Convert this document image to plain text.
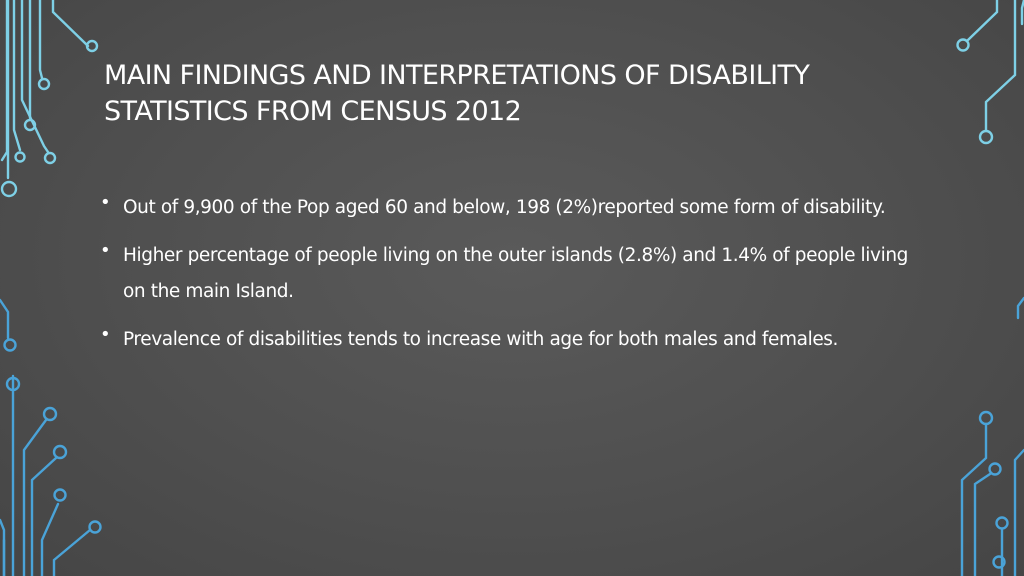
MAIN FINDINGS AND INTERPRETATIONS OF DISABILITY
STATISTICS FROM CENSUS 2012
• Out of 9,900 of the Pop aged 60 and below, 198 (2%)reported some form of disability.
• Higher percentage of people living on the outer islands (2.8%) and 1.4% of people living on the main Island.
• Prevalence of disabilities tends to increase with age for both males and females.
